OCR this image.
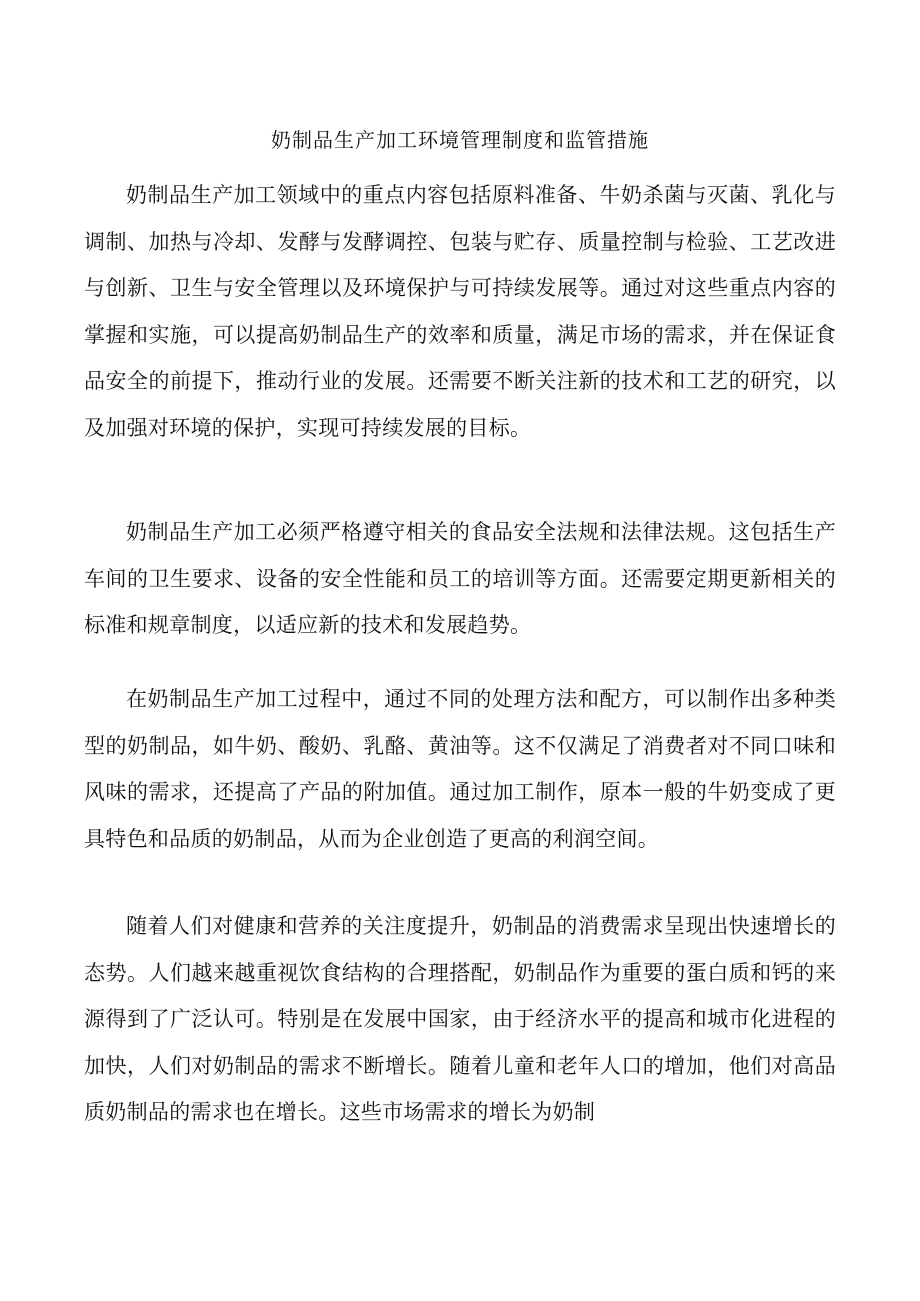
奶制品生产加工环境管理制度和监管措施

奶制品生产加工领域中的重点内容包括原料准备、牛奶杀菌与灭菌、乳化与调制、加热与冷却、发酵与发酵调控、包装与贮存、质量控制与检验、工艺改进与创新、卫生与安全管理以及环境保护与可持续发展等。通过对这些重点内容的掌握和实施，可以提高奶制品生产的效率和质量，满足市场的需求，并在保证食品安全的前提下，推动行业的发展。还需要不断关注新的技术和工艺的研究，以及加强对环境的保护，实现可持续发展的目标。

奶制品生产加工必须严格遵守相关的食品安全法规和法律法规。这包括生产车间的卫生要求、设备的安全性能和员工的培训等方面。还需要定期更新相关的标准和规章制度，以适应新的技术和发展趋势。

在奶制品生产加工过程中，通过不同的处理方法和配方，可以制作出多种类型的奶制品，如牛奶、酸奶、乳酪、黄油等。这不仅满足了消费者对不同口味和风味的需求，还提高了产品的附加值。通过加工制作，原本一般的牛奶变成了更具特色和品质的奶制品，从而为企业创造了更高的利润空间。

随着人们对健康和营养的关注度提升，奶制品的消费需求呈现出快速增长的态势。人们越来越重视饮食结构的合理搭配，奶制品作为重要的蛋白质和钙的来源得到了广泛认可。特别是在发展中国家，由于经济水平的提高和城市化进程的加快，人们对奶制品的需求不断增长。随着儿童和老年人口的增加，他们对高品质奶制品的需求也在增长。这些市场需求的增长为奶制
